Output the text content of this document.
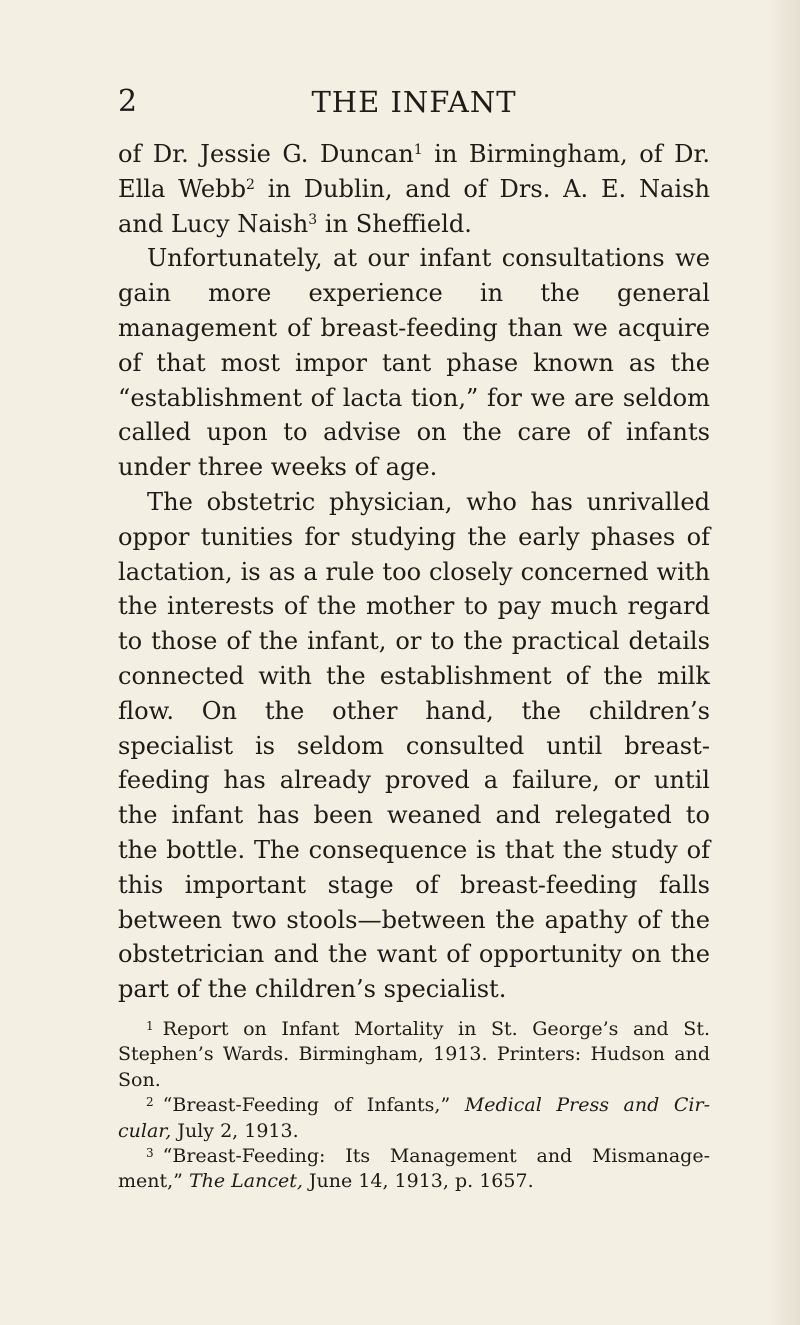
2	THE INFANT

of Dr. Jessie G. Duncan$^1$ in Birmingham, of Dr. Ella Webb$^2$ in Dublin, and of Drs. A. E. Naish and Lucy Naish$^3$ in Sheffield.

Unfortunately, at our infant consultations we gain more experience in the general management of breast-feeding than we acquire of that most impor tant phase known as the “establishment of lacta tion,” for we are seldom called upon to advise on the care of infants under three weeks of age.

The obstetric physician, who has unrivalled oppor tunities for studying the early phases of lactation, is as a rule too closely concerned with the interests of the mother to pay much regard to those of the infant, or to the practical details connected with the establishment of the milk flow. On the other hand, the children’s specialist is seldom consulted until breast-feeding has already proved a failure, or until the infant has been weaned and relegated to the bottle. The consequence is that the study of this important stage of breast-feeding falls between two stools—between the apathy of the obstetrician and the want of opportunity on the part of the children’s specialist.

$^1$ Report on Infant Mortality in St. George’s and St. Stephen’s Wards. Birmingham, 1913. Printers: Hudson and Son.

$^2$ “Breast-Feeding of Infants,” Medical Press and Cir cular, July 2, 1913.

$^3$ “Breast-Feeding: Its Management and Mismanage ment,” The Lancet, June 14, 1913, p. 1657.
